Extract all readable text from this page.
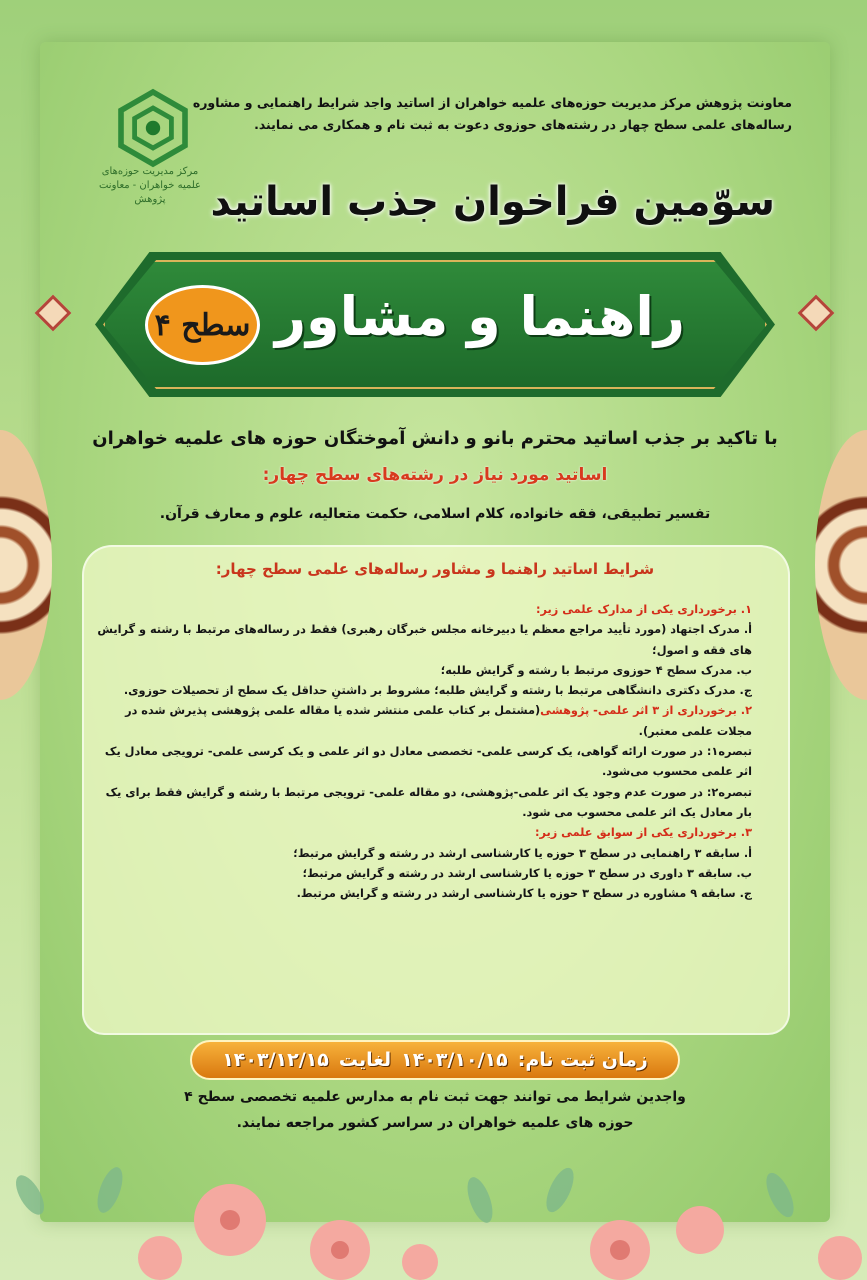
معاونت پژوهش مرکز مدیریت حوزه‌های علمیه خواهران از اساتید واجد شرایط راهنمایی و مشاوره رساله‌های علمی سطح چهار در رشته‌های حوزوی دعوت به ثبت نام و همکاری می نمایند.
مرکز مدیریت حوزه‌های علمیه خواهران - معاونت پژوهش	سوّمین فراخوان جذب اساتید
راهنما و مشاور
سطح ۴
با تاکید بر جذب اساتید محترم بانو و دانش آموختگان حوزه های علمیه خواهران
اساتید مورد نیاز در رشته‌های سطح چهار:
تفسیر تطبیقی، فقه خانواده، کلام اسلامی، حکمت متعالیه، علوم و معارف قرآن.
شرایط اساتید راهنما و مشاور رساله‌های علمی سطح چهار:
۱. برخورداری یکی از مدارک علمی زیر:
أ. مدرک اجتهاد (مورد تأیید مراجع معظم یا دبیرخانه مجلس خبرگان رهبری) فقط در رساله‌های مرتبط با رشته و گرایش های فقه و اصول؛
ب. مدرک سطح ۴ حوزوی مرتبط با رشته و گرایش طلبه؛
ج. مدرک دکتری دانشگاهی مرتبط با رشته و گرایش طلبه؛ مشروط بر داشتنِ حداقل یک سطح از تحصیلات حوزوی.
۲. برخورداری از ۳ اثر علمی- پژوهشی(مشتمل بر کتاب علمی منتشر شده یا مقاله علمی پژوهشی پذیرش شده در مجلات علمی معتبر).
تبصره۱: در صورت ارائه گواهی، یک کرسی علمی- تخصصی معادل دو اثر علمی و یک کرسی علمی- ترویجی معادل یک اثر علمی محسوب می‌شود.
تبصره۲: در صورت عدم وجود یک اثر علمی-پژوهشی، دو مقاله علمی- ترویجی مرتبط با رشته و گرایش فقط برای یک بار معادل یک اثر علمی محسوب می شود.
۳. برخورداری یکی از سوابق علمی زیر:
أ. سابقه ۳ راهنمایی در سطح ۳ حوزه یا کارشناسی ارشد در رشته و گرایش مرتبط؛
ب. سابقه ۳ داوری در سطح ۳ حوزه یا کارشناسی ارشد در رشته و گرایش مرتبط؛
ج. سابقه ۹ مشاوره در سطح ۳ حوزه یا کارشناسی ارشد در رشته و گرایش مرتبط.
زمان ثبت نام:
۱۴۰۳/۱۰/۱۵
لغایت
۱۴۰۳/۱۲/۱۵
واجدین شرایط می توانند جهت ثبت نام به مدارس علمیه تخصصی سطح ۴
حوزه های علمیه خواهران در سراسر کشور مراجعه نمایند.
